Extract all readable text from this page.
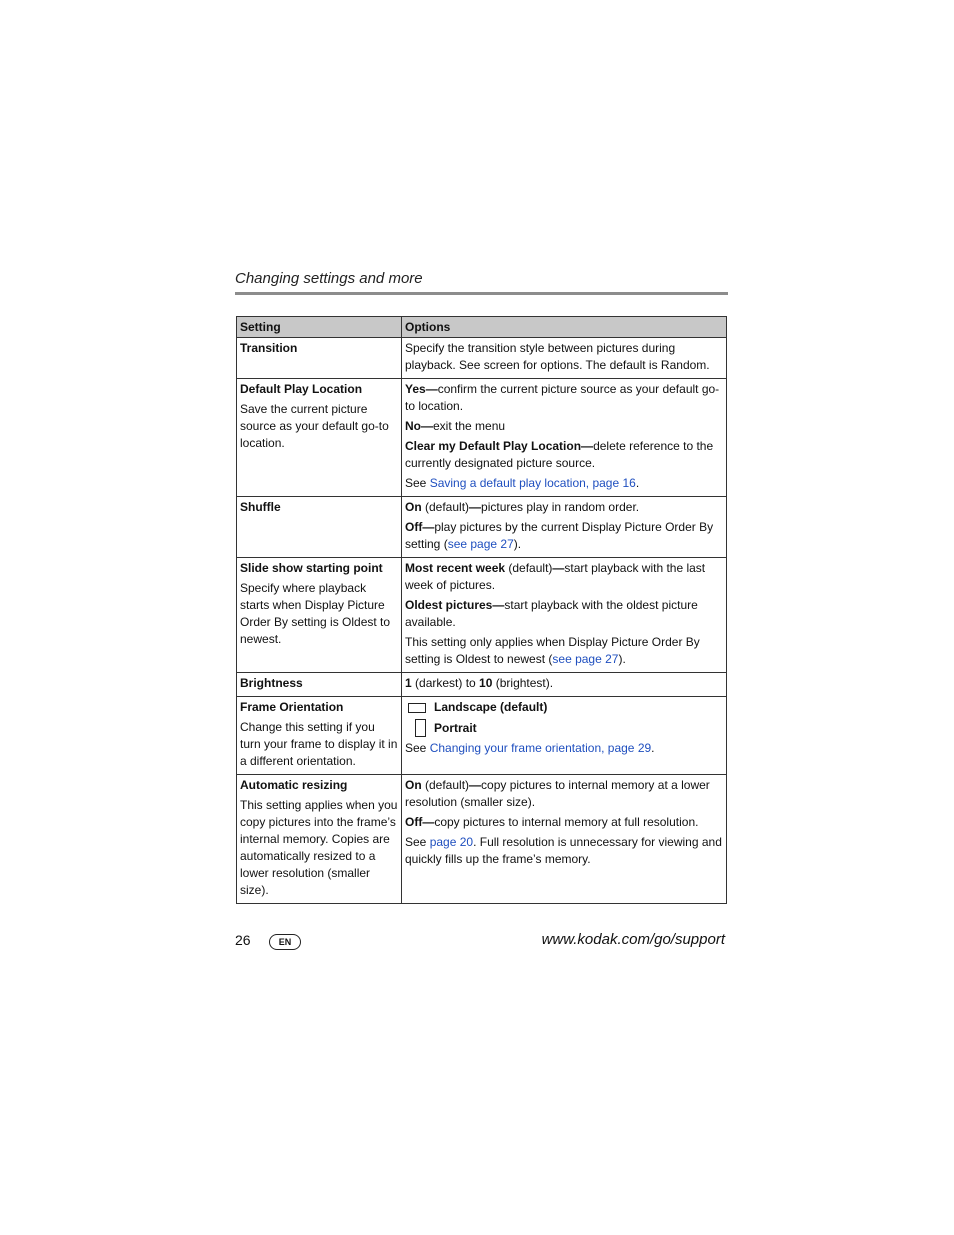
Changing settings and more
Setting	Options

Transition	Specify the transition style between pictures during playback. See screen for options. The default is Random.

Default Play Location
Save the current picture source as your default go-to location.	Yes—confirm the current picture source as your default go-to location.
No—exit the menu
Clear my Default Play Location—delete reference to the currently designated picture source.
See Saving a default play location, page 16.

Shuffle	On (default)—pictures play in random order.
Off—play pictures by the current Display Picture Order By setting (see page 27).

Slide show starting point
Specify where playback starts when Display Picture Order By setting is Oldest to newest.	Most recent week (default)—start playback with the last week of pictures.
Oldest pictures—start playback with the oldest picture available.
This setting only applies when Display Picture Order By setting is Oldest to newest (see page 27).

Brightness	1 (darkest) to 10 (brightest).

Frame Orientation
Change this setting if you turn your frame to display it in a different orientation.	Landscape (default)
Portrait
See Changing your frame orientation, page 29.

Automatic resizing
This setting applies when you copy pictures into the frame’s internal memory. Copies are automatically resized to a lower resolution (smaller size).	On (default)—copy pictures to internal memory at a lower resolution (smaller size).
Off—copy pictures to internal memory at full resolution.
See page 20. Full resolution is unnecessary for viewing and quickly fills up the frame’s memory.
26	EN	www.kodak.com/go/support
